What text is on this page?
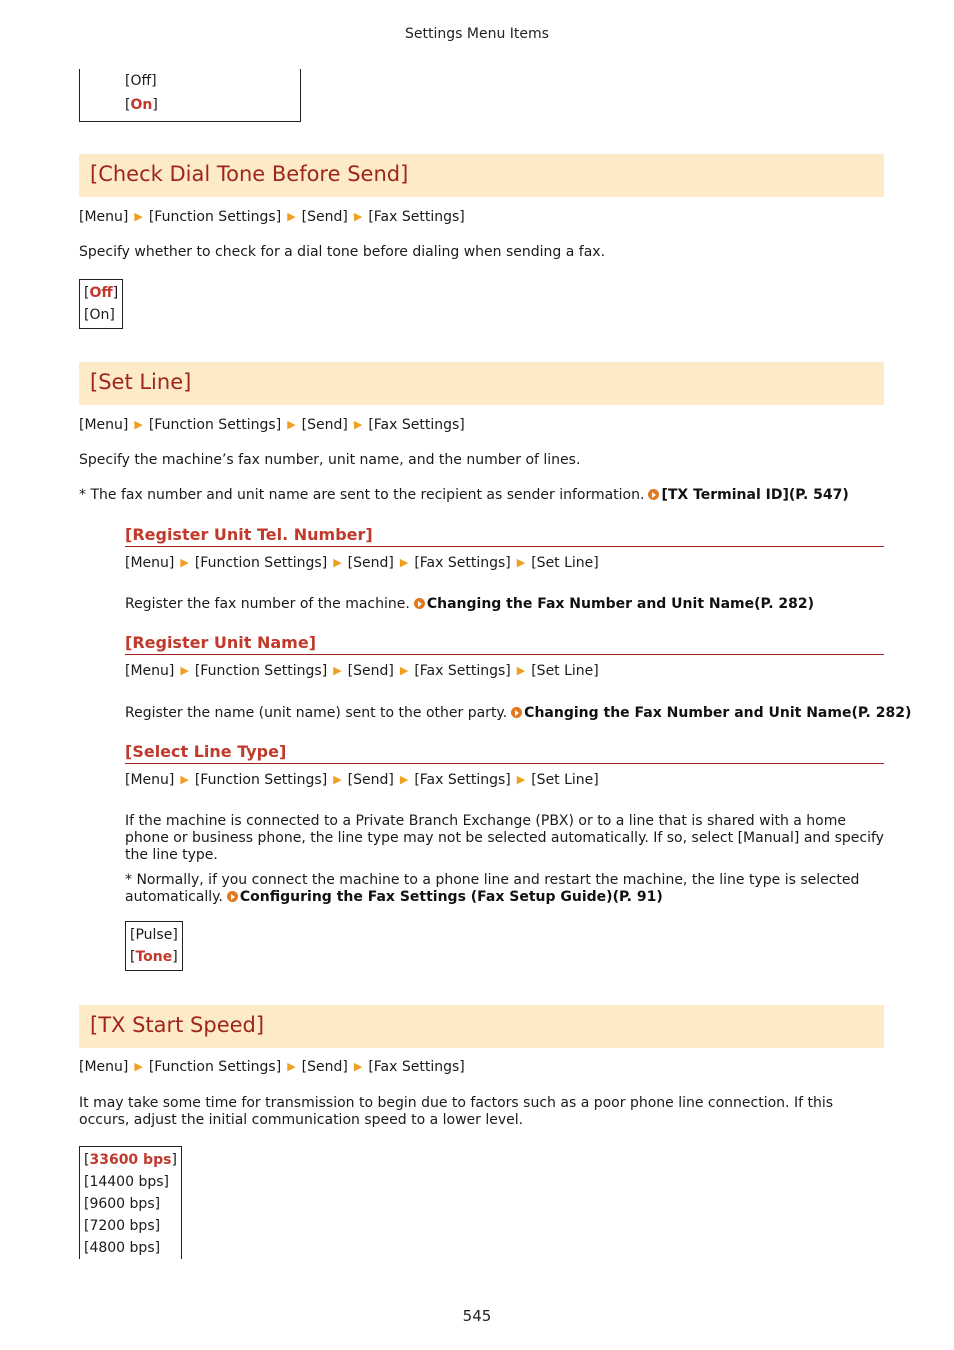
Settings Menu Items
[Off]
[On]
[Check Dial Tone Before Send]
[Menu] ▶ [Function Settings] ▶ [Send] ▶ [Fax Settings]
Specify whether to check for a dial tone before dialing when sending a fax.
[Off]
[On]
[Set Line]
[Menu] ▶ [Function Settings] ▶ [Send] ▶ [Fax Settings]
Specify the machine’s fax number, unit name, and the number of lines.
* The fax number and unit name are sent to the recipient as sender information. [TX Terminal ID](P. 547)
[Register Unit Tel. Number]
[Menu] ▶ [Function Settings] ▶ [Send] ▶ [Fax Settings] ▶ [Set Line]
Register the fax number of the machine. Changing the Fax Number and Unit Name(P. 282)
[Register Unit Name]
[Menu] ▶ [Function Settings] ▶ [Send] ▶ [Fax Settings] ▶ [Set Line]
Register the name (unit name) sent to the other party. Changing the Fax Number and Unit Name(P. 282)
[Select Line Type]
[Menu] ▶ [Function Settings] ▶ [Send] ▶ [Fax Settings] ▶ [Set Line]
If the machine is connected to a Private Branch Exchange (PBX) or to a line that is shared with a home phone or business phone, the line type may not be selected automatically. If so, select [Manual] and specify the line type.
* Normally, if you connect the machine to a phone line and restart the machine, the line type is selected automatically. Configuring the Fax Settings (Fax Setup Guide)(P. 91)
[Pulse]
[Tone]
[TX Start Speed]
[Menu] ▶ [Function Settings] ▶ [Send] ▶ [Fax Settings]
It may take some time for transmission to begin due to factors such as a poor phone line connection. If this occurs, adjust the initial communication speed to a lower level.
[33600 bps]
[14400 bps]
[9600 bps]
[7200 bps]
[4800 bps]
545
